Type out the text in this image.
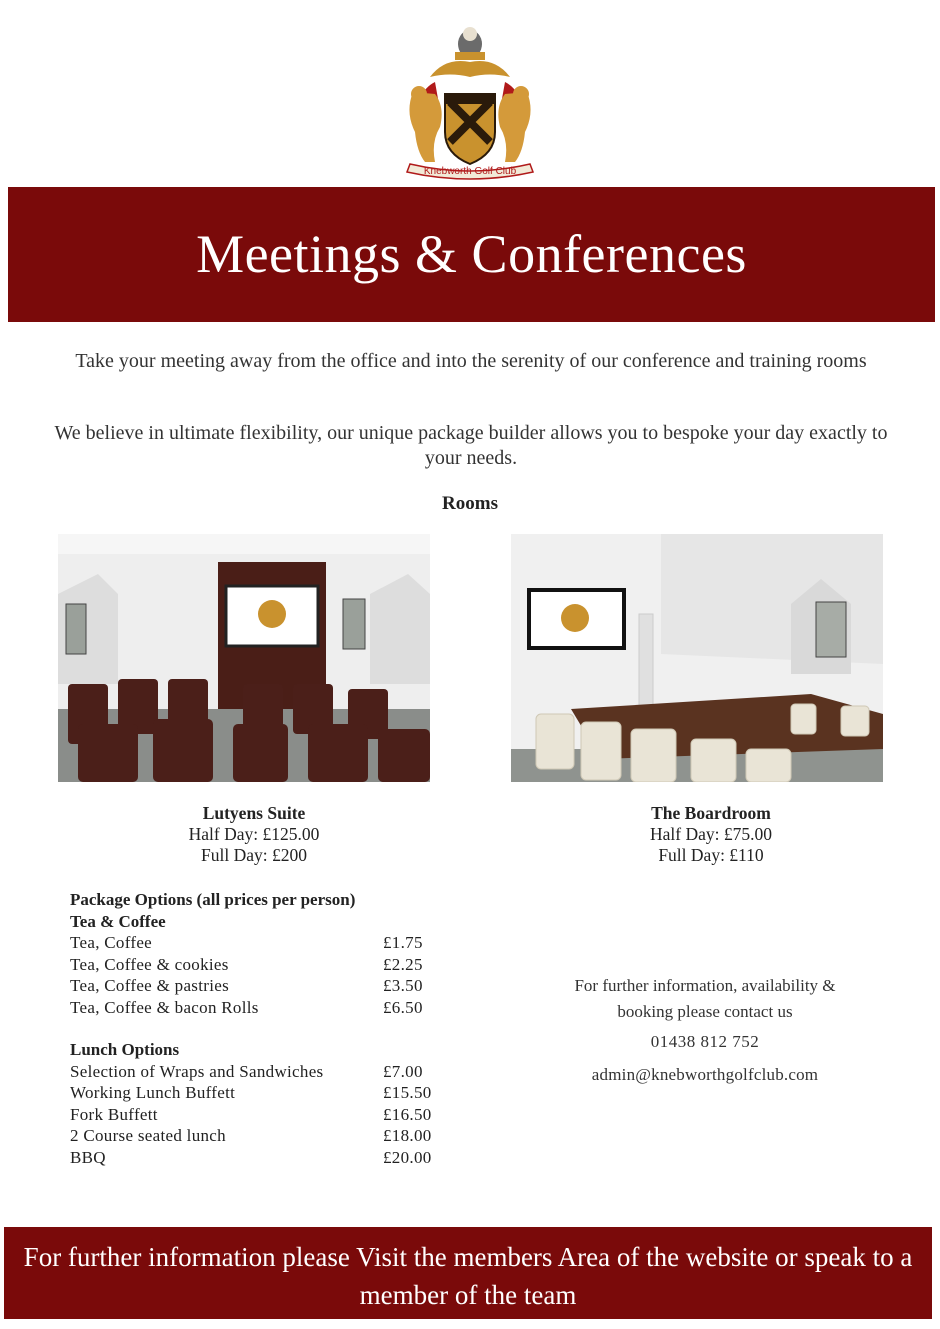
Knebworth Golf Club
Meetings & Conferences
Take your meeting away from the office and into the serenity of our conference and training rooms
We believe in ultimate flexibility, our unique package builder allows you to bespoke your day exactly to your needs.
Rooms
Lutyens Suite
Half Day: £125.00
Full Day: £200
The Boardroom
Half Day: £75.00
Full Day: £110
Package Options (all prices per person)
Tea & Coffee
Tea, Coffee	£1.75
Tea, Coffee & cookies	£2.25
Tea, Coffee & pastries	£3.50
Tea, Coffee & bacon Rolls	£6.50
Lunch Options
Selection of Wraps and Sandwiches	£7.00
Working Lunch Buffett	£15.50
Fork Buffett	£16.50
2 Course seated lunch	£18.00
BBQ	£20.00
For further information, availability & booking please contact us
01438 812 752
admin@knebworthgolfclub.com
For further information please Visit the members Area of the website or speak to a member of the team
